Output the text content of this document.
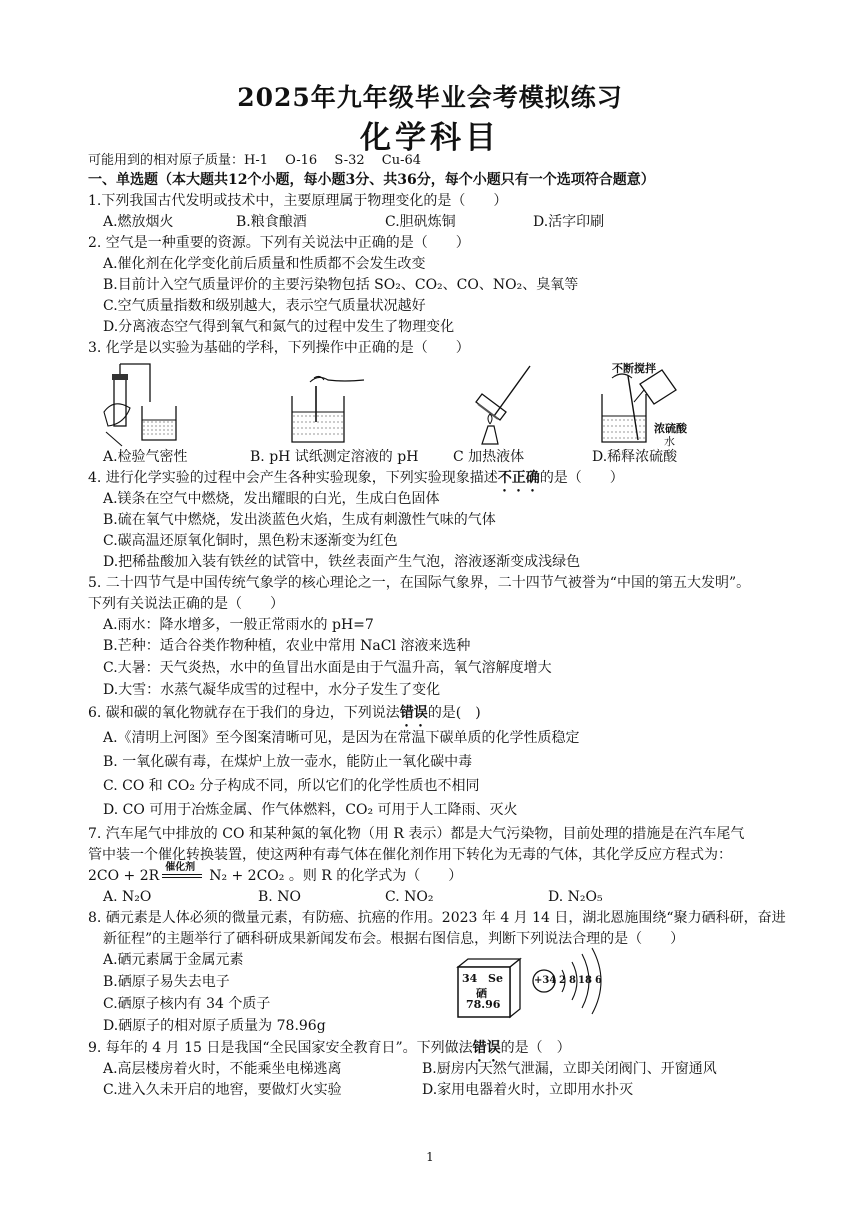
2025年九年级毕业会考模拟练习
化学科目
可能用到的相对原子质量：H-1　 O-16　 S-32　 Cu-64
一、单选题（本大题共12个小题，每小题3分、共36分，每个小题只有一个选项符合题意）
1.下列我国古代发明或技术中，主要原理属于物理变化的是（　　）
A.燃放烟火	B.粮食酿酒	C.胆矾炼铜	D.活字印刷
2. 空气是一种重要的资源。下列有关说法中正确的是（　　）
A.催化剂在化学变化前后质量和性质都不会发生改变
B.目前计入空气质量评价的主要污染物包括 SO₂、CO₂、CO、NO₂、臭氧等
C.空气质量指数和级别越大，表示空气质量状况越好
D.分离液态空气得到氧气和氮气的过程中发生了物理变化
3. 化学是以实验为基础的学科，下列操作中正确的是（　　）
不断搅拌
浓硫酸
水
A.检验气密性	B. pH 试纸测定溶液的 pH C 加热液体	D.稀释浓硫酸
4. 进行化学实验的过程中会产生各种实验现象，下列实验现象描述不正确的是（　　）
A.镁条在空气中燃烧，发出耀眼的白光，生成白色固体
B.硫在氧气中燃烧，发出淡蓝色火焰，生成有刺激性气味的气体
C.碳高温还原氧化铜时，黑色粉末逐渐变为红色
D.把稀盐酸加入装有铁丝的试管中，铁丝表面产生气泡，溶液逐渐变成浅绿色
5. 二十四节气是中国传统气象学的核心理论之一，在国际气象界，二十四节气被誉为“中国的第五大发明”。
下列有关说法正确的是（　　）
A.雨水：降水增多，一般正常雨水的 pH=7
B.芒种：适合谷类作物种植，农业中常用 NaCl 溶液来选种
C.大暑：天气炎热，水中的鱼冒出水面是由于气温升高，氧气溶解度增大
D.大雪：水蒸气凝华成雪的过程中，水分子发生了变化
6. 碳和碳的氧化物就存在于我们的身边，下列说法错误的是(　)
A.《清明上河图》至今图案清晰可见，是因为在常温下碳单质的化学性质稳定
B. 一氧化碳有毒，在煤炉上放一壶水，能防止一氧化碳中毒
C. CO 和 CO₂ 分子构成不同，所以它们的化学性质也不相同
D. CO 可用于冶炼金属、作气体燃料，CO₂ 可用于人工降雨、灭火
7. 汽车尾气中排放的 CO 和某种氮的氧化物（用 R 表示）都是大气污染物，目前处理的措施是在汽车尾气
管中装一个催化转换装置，使这两种有毒气体在催化剂作用下转化为无毒的气体，其化学反应方程式为：
2CO + 2R
催化剂
N₂ + 2CO₂ 。则 R 的化学式为（　　）
A. N₂O	B. NO	C. NO₂	D. N₂O₅
8. 硒元素是人体必须的微量元素，有防癌、抗癌的作用。2023 年 4 月 14 日，湖北恩施围绕“聚力硒科研，奋进
新征程”的主题举行了硒科研成果新闻发布会。根据右图信息，判断下列说法合理的是（　　）
A.硒元素属于金属元素
B.硒原子易失去电子
C.硒原子核内有 34 个质子
D.硒原子的相对原子质量为 78.96g
34 Se
硒
78.96
+34 2 8 18 6
9. 每年的 4 月 15 日是我国“全民国家安全教育日”。下列做法错误的是（　）
A.高层楼房着火时，不能乘坐电梯逃离	B.厨房内天然气泄漏，立即关闭阀门、开窗通风
C.进入久未开启的地窖，要做灯火实验	D.家用电器着火时，立即用水扑灭
1
